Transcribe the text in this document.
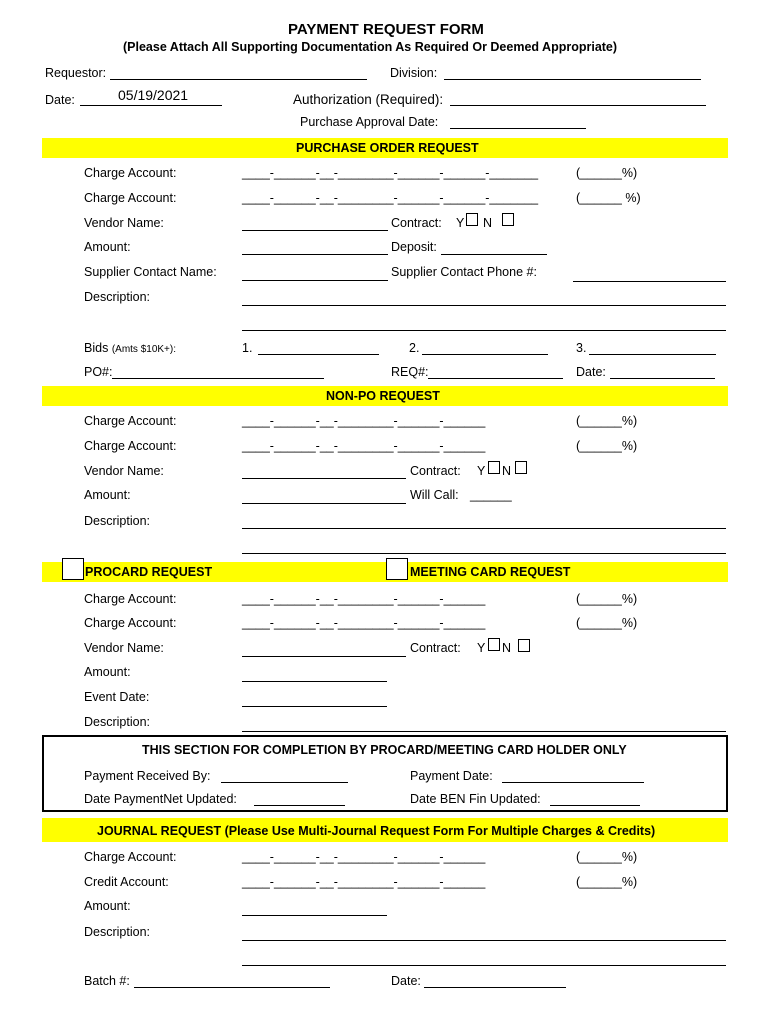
PAYMENT REQUEST FORM
(Please Attach All Supporting Documentation As Required Or Deemed Appropriate)
Requestor:	Division:
Date:	05/19/2021	Authorization (Required):
Purchase Approval Date:
PURCHASE ORDER REQUEST
Charge Account:	____-______-__-________-______-______-_______	(______%)
Charge Account:	____-______-__-________-______-______-_______	(______ %)
Vendor Name:	Contract: Y N
Amount:	Deposit:
Supplier Contact Name:	Supplier Contact Phone #:
Description:
Bids (Amts $10K+):	1.	2.	3.
PO#:	REQ#:	Date:
NON-PO REQUEST
Charge Account:	____-______-__-________-______-______	(______%)
Charge Account:	____-______-__-________-______-______	(______%)
Vendor Name:	Contract: Y N
Amount:	Will Call: ______
Description:
PROCARD REQUEST	MEETING CARD REQUEST
Charge Account:	____-______-__-________-______-______	(______%)
Charge Account:	____-______-__-________-______-______	(______%)
Vendor Name:	Contract: Y N
Amount:
Event Date:
Description:
THIS SECTION FOR COMPLETION BY PROCARD/MEETING CARD HOLDER ONLY
Payment Received By:	Payment Date:
Date PaymentNet Updated:	Date BEN Fin Updated:
JOURNAL REQUEST (Please Use Multi-Journal Request Form For Multiple Charges & Credits)
Charge Account:	____-______-__-________-______-______	(______%)
Credit Account:	____-______-__-________-______-______	(______%)
Amount:
Description:
Batch #:	Date:
